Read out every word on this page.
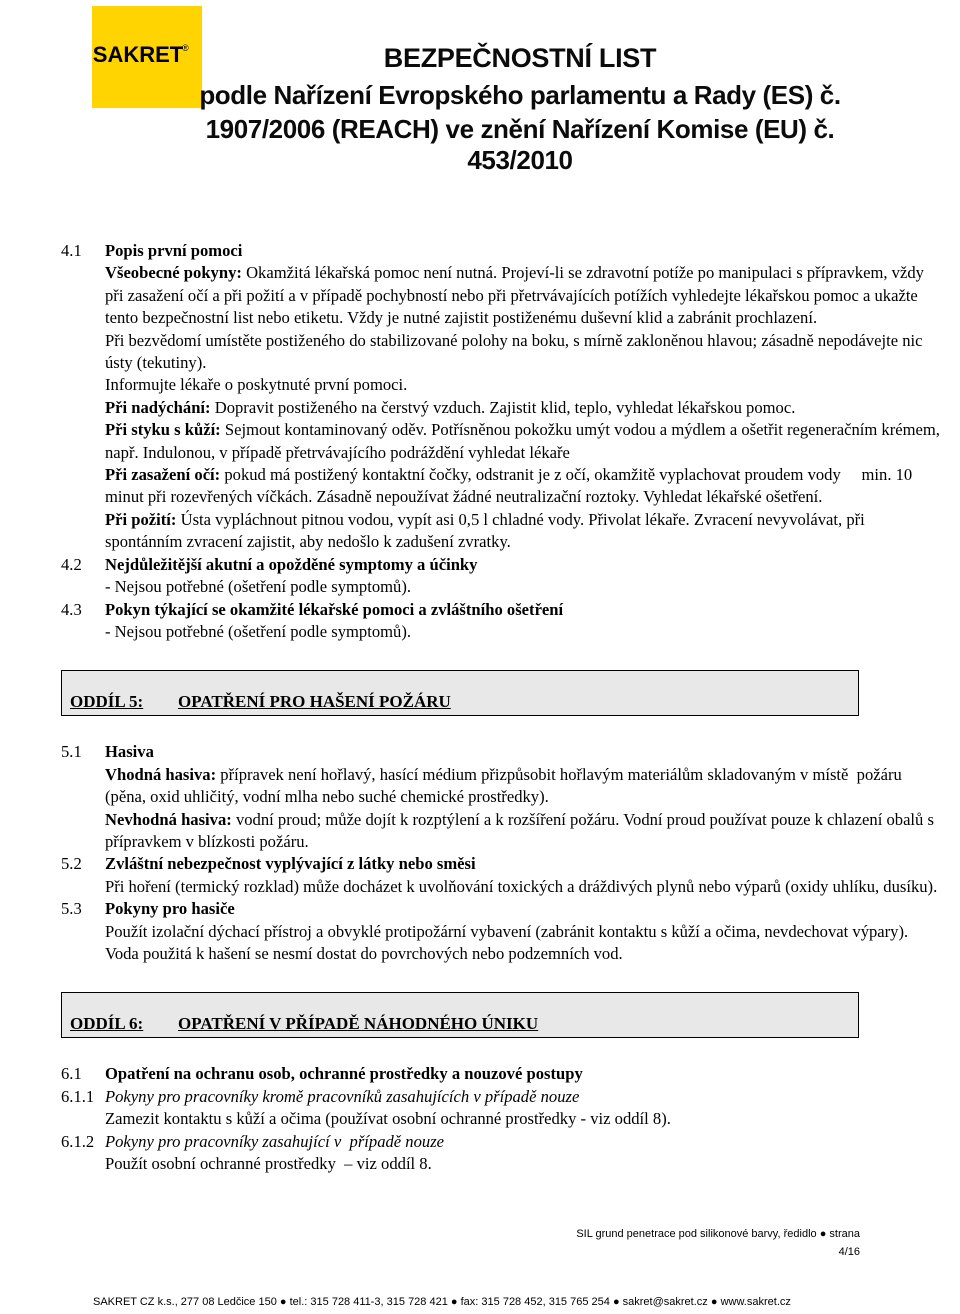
SAKRET
®	BEZPEČNOSTNÍ LIST
podle Nařízení Evropského parlamentu a Rady (ES) č.
1907/2006 (REACH) ve znění Nařízení Komise (EU) č. 453/2010
4.1 Popis první pomoci

Všeobecné pokyny: Okamžitá lékařská pomoc není nutná. Projeví-li se zdravotní potíže po manipulaci s přípravkem, vždy při zasažení očí a při požití a v případě pochybností nebo při přetrvávajících potížích vyhledejte lékařskou pomoc a ukažte tento bezpečnostní list nebo etiketu. Vždy je nutné zajistit postiženému duševní klid a zabránit prochlazení.

Při bezvědomí umístěte postiženého do stabilizované polohy na boku, s mírně zakloněnou hlavou; zásadně nepodávejte nic ústy (tekutiny).

Informujte lékaře o poskytnuté první pomoci.

Při nadýchání: Dopravit postiženého na čerstvý vzduch. Zajistit klid, teplo, vyhledat lékařskou pomoc.

Při styku s kůží: Sejmout kontaminovaný oděv. Potřísněnou pokožku umýt vodou a mýdlem a ošetřit regeneračním krémem, např. Indulonou, v případě přetrvávajícího podráždění vyhledat lékaře

Při zasažení očí: pokud má postižený kontaktní čočky, odstranit je z očí, okamžitě vyplachovat proudem vody     min. 10 minut při rozevřených víčkách. Zásadně nepoužívat žádné neutralizační roztoky. Vyhledat lékařské ošetření.

Při požití: Ústa vypláchnout pitnou vodou, vypít asi 0,5 l chladné vody. Přivolat lékaře. Zvracení nevyvolávat, při spontánním zvracení zajistit, aby nedošlo k zadušení zvratky.

4.2 Nejdůležitější akutní a opožděné symptomy a účinky

- Nejsou potřebné (ošetření podle symptomů).

4.3 Pokyn týkající se okamžité lékařské pomoci a zvláštního ošetření

- Nejsou potřebné (ošetření podle symptomů).

ODDÍL 5: OPATŘENÍ PRO HAŠENÍ POŽÁRU
5.1 Hasiva

Vhodná hasiva: přípravek není hořlavý, hasící médium přizpůsobit hořlavým materiálům skladovaným v místě  požáru (pěna, oxid uhličitý, vodní mlha nebo suché chemické prostředky).

Nevhodná hasiva: vodní proud; může dojít k rozptýlení a k rozšíření požáru. Vodní proud používat pouze k chlazení obalů s přípravkem v blízkosti požáru.

5.2 Zvláštní nebezpečnost vyplývající z látky nebo směsi

Při hoření (termický rozklad) může docházet k uvolňování toxických a dráždivých plynů nebo výparů (oxidy uhlíku, dusíku).

5.3 Pokyny pro hasiče

Použít izolační dýchací přístroj a obvyklé protipožární vybavení (zabránit kontaktu s kůží a očima, nevdechovat výpary). Voda použitá k hašení se nesmí dostat do povrchových nebo podzemních vod.

ODDÍL 6: OPATŘENÍ V PŘÍPADĚ NÁHODNÉHO ÚNIKU
6.1 Opatření na ochranu osob, ochranné prostředky a nouzové postupy

6.1.1 Pokyny pro pracovníky kromě pracovníků zasahujících v případě nouze

Zamezit kontaktu s kůží a očima (používat osobní ochranné prostředky - viz oddíl 8).

6.1.2 Pokyny pro pracovníky zasahující v  případě nouze

Použít osobní ochranné prostředky  – viz oddíl 8.

SIL grund penetrace pod silikonové barvy, ředidlo ● strana
4/16
SAKRET CZ k.s., 277 08 Ledčice 150 ● tel.: 315 728 411-3, 315 728 421 ● fax: 315 728 452, 315 765 254 ● sakret@sakret.cz ● www.sakret.cz
